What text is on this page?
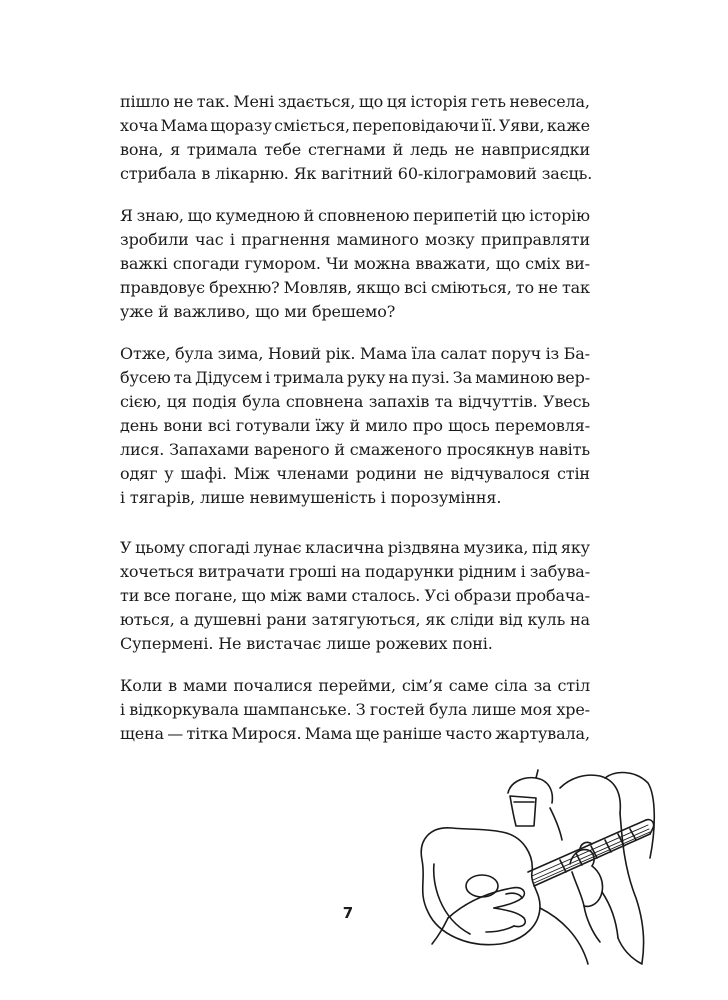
пішло не так. Мені здається, що ця історія геть невесела,
хоча Мама щоразу сміється, переповідаючи її. Уяви, каже
вона, я тримала тебе стегнами й ледь не навприсядки
стрибала в лікарню. Як вагітний 60-кілограмовий заєць.
Я знаю, що кумедною й сповненою перипетій цю історію
зробили час і прагнення маминого мозку приправляти
важкі спогади гумором. Чи можна вважати, що сміх ви-
правдовує брехню? Мовляв, якщо всі сміються, то не так
уже й важливо, що ми брешемо?
Отже, була зима, Новий рік. Мама їла салат поруч із Ба-
бусею та Дідусем і тримала руку на пузі. За маминою вер-
сією, ця подія була сповнена запахів та відчуттів. Увесь
день вони всі готували їжу й мило про щось перемовля-
лися. Запахами вареного й смаженого просякнув навіть
одяг у шафі. Між членами родини не відчувалося стін
і тягарів, лише невимушеність і порозуміння.
У цьому спогаді лунає класична різдвяна музика, під яку
хочеться витрачати гроші на подарунки рідним і забува-
ти все погане, що між вами сталось. Усі образи пробача-
ються, а душевні рани затягуються, як сліди від куль на
Супермені. Не вистачає лише рожевих поні.
Коли в мами почалися перейми, сім’я саме сіла за стіл
і відкоркувала шампанське. З гостей була лише моя хре-
щена — тітка Мирося. Мама ще раніше часто жартувала,
7
